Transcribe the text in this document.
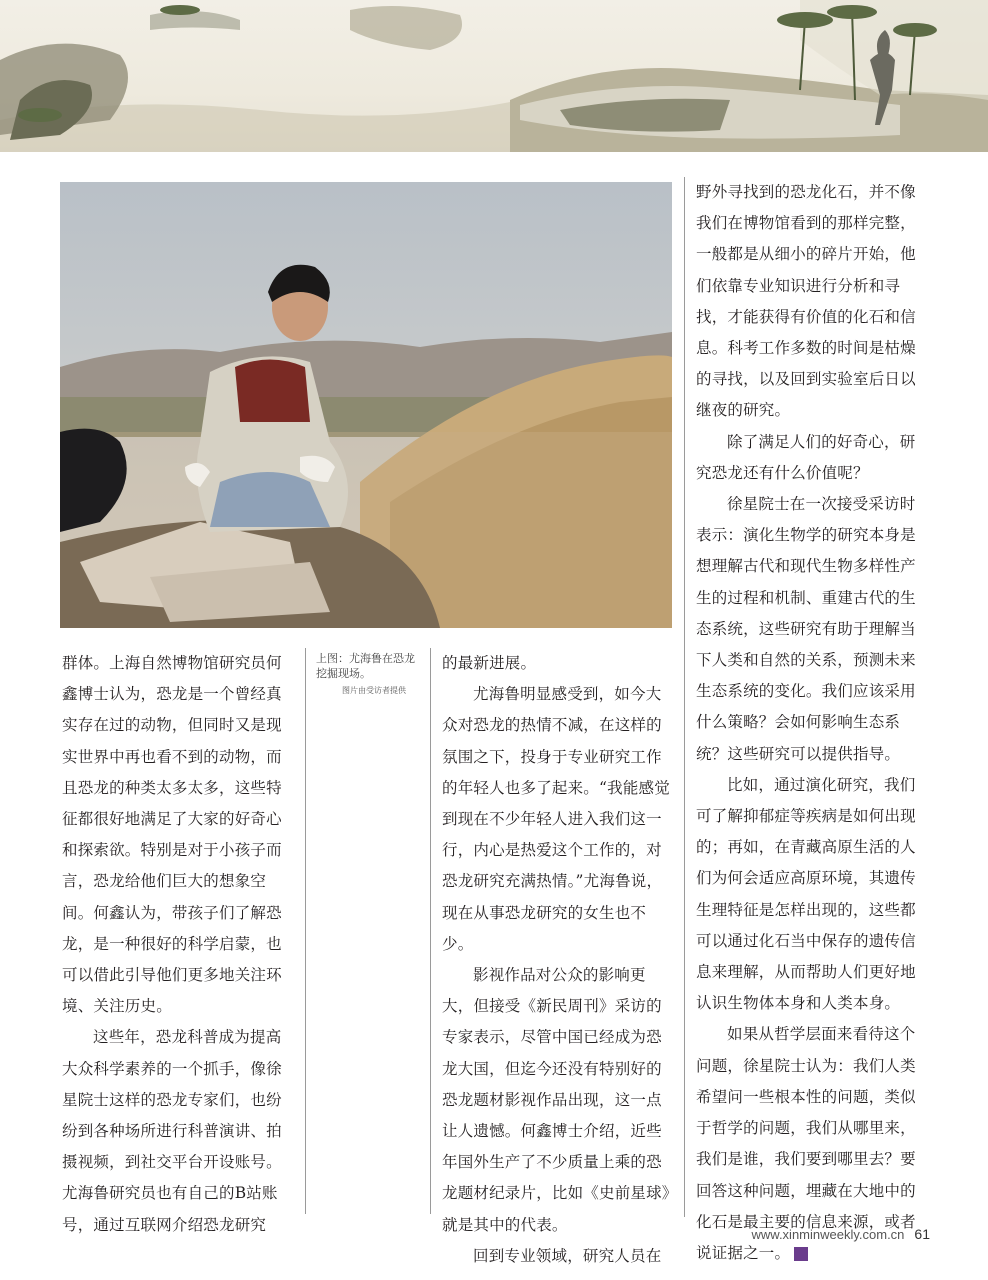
群体。上海自然博物馆研究员何鑫博士认为，恐龙是一个曾经真实存在过的动物，但同时又是现实世界中再也看不到的动物，而且恐龙的种类太多太多，这些特征都很好地满足了大家的好奇心和探索欲。特别是对于小孩子而言，恐龙给他们巨大的想象空间。何鑫认为，带孩子们了解恐龙，是一种很好的科学启蒙，也可以借此引导他们更多地关注环境、关注历史。

这些年，恐龙科普成为提高大众科学素养的一个抓手，像徐星院士这样的恐龙专家们，也纷纷到各种场所进行科普演讲、拍摄视频，到社交平台开设账号。尤海鲁研究员也有自己的B站账号，通过互联网介绍恐龙研究

上图：尤海鲁在恐龙挖掘现场。
图片由受访者提供

的最新进展。

尤海鲁明显感受到，如今大众对恐龙的热情不减，在这样的氛围之下，投身于专业研究工作的年轻人也多了起来。“我能感觉到现在不少年轻人进入我们这一行，内心是热爱这个工作的，对恐龙研究充满热情。”尤海鲁说，现在从事恐龙研究的女生也不少。

影视作品对公众的影响更大，但接受《新民周刊》采访的专家表示，尽管中国已经成为恐龙大国，但迄今还没有特别好的恐龙题材影视作品出现，这一点让人遗憾。何鑫博士介绍，近些年国外生产了不少质量上乘的恐龙题材纪录片，比如《史前星球》就是其中的代表。

回到专业领域，研究人员在

野外寻找到的恐龙化石，并不像我们在博物馆看到的那样完整，一般都是从细小的碎片开始，他们依靠专业知识进行分析和寻找，才能获得有价值的化石和信息。科考工作多数的时间是枯燥的寻找，以及回到实验室后日以继夜的研究。

除了满足人们的好奇心，研究恐龙还有什么价值呢？

徐星院士在一次接受采访时表示：演化生物学的研究本身是想理解古代和现代生物多样性产生的过程和机制、重建古代的生态系统，这些研究有助于理解当下人类和自然的关系，预测未来生态系统的变化。我们应该采用什么策略？会如何影响生态系统？这些研究可以提供指导。

比如，通过演化研究，我们可了解抑郁症等疾病是如何出现的；再如，在青藏高原生活的人们为何会适应高原环境，其遗传生理特征是怎样出现的，这些都可以通过化石当中保存的遗传信息来理解，从而帮助人们更好地认识生物体本身和人类本身。

如果从哲学层面来看待这个问题，徐星院士认为：我们人类希望问一些根本性的问题，类似于哲学的问题，我们从哪里来，我们是谁，我们要到哪里去？要回答这种问题，埋藏在大地中的化石是最主要的信息来源，或者说证据之一。	民

www.xinminweekly.com.cn 61
